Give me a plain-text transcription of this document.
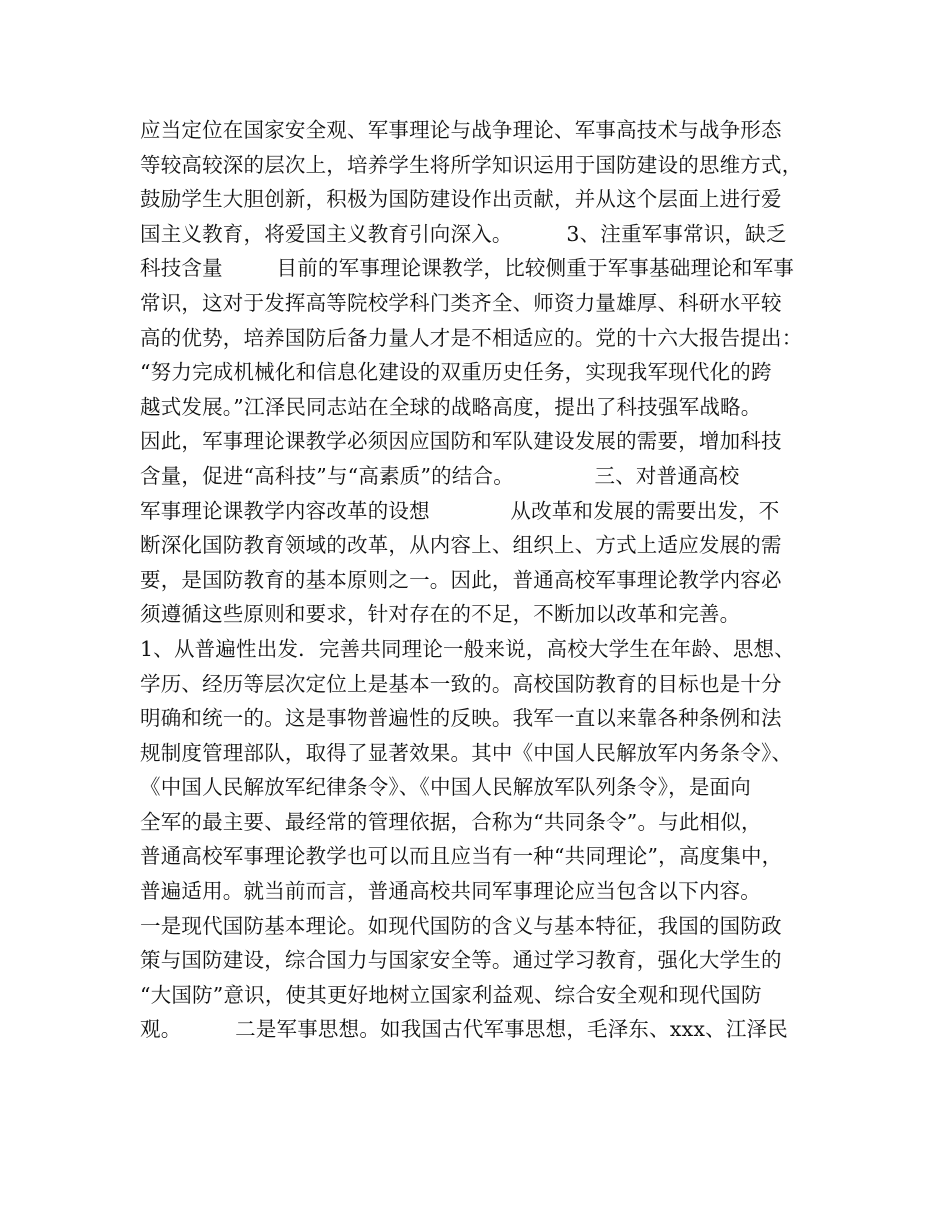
应当定位在国家安全观、军事理论与战争理论、军事高技术与战争形态
等较高较深的层次上，培养学生将所学知识运用于国防建设的思维方式，
鼓励学生大胆创新，积极为国防建设作出贡献，并从这个层面上进行爱
国主义教育，将爱国主义教育引向深入。        3、注重军事常识，缺乏
科技含量        目前的军事理论课教学，比较侧重于军事基础理论和军事
常识，这对于发挥高等院校学科门类齐全、师资力量雄厚、科研水平较
高的优势，培养国防后备力量人才是不相适应的。党的十六大报告提出：
“努力完成机械化和信息化建设的双重历史任务，实现我军现代化的跨
越式发展。”江泽民同志站在全球的战略高度，提出了科技强军战略。
因此，军事理论课教学必须因应国防和军队建设发展的需要，增加科技
含量，促进“高科技”与“高素质”的结合。            三、对普通高校
军事理论课教学内容改革的设想            从改革和发展的需要出发，不
断深化国防教育领域的改革，从内容上、组织上、方式上适应发展的需
要，是国防教育的基本原则之一。因此，普通高校军事理论教学内容必
须遵循这些原则和要求，针对存在的不足，不断加以改革和完善。
1、从普遍性出发．完善共同理论一般来说，高校大学生在年龄、思想、
学历、经历等层次定位上是基本一致的。高校国防教育的目标也是十分
明确和统一的。这是事物普遍性的反映。我军一直以来靠各种条例和法
规制度管理部队，取得了显著效果。其中《中国人民解放军内务条令》、
《中国人民解放军纪律条令》、《中国人民解放军队列条令》，是面向
全军的最主要、最经常的管理依据，合称为“共同条令”。与此相似，
普通高校军事理论教学也可以而且应当有一种“共同理论”，高度集中，
普遍适用。就当前而言，普通高校共同军事理论应当包含以下内容。
一是现代国防基本理论。如现代国防的含义与基本特征，我国的国防政
策与国防建设，综合国力与国家安全等。通过学习教育，强化大学生的
“大国防”意识，使其更好地树立国家利益观、综合安全观和现代国防
观。        二是军事思想。如我国古代军事思想，毛泽东、xxx、江泽民
